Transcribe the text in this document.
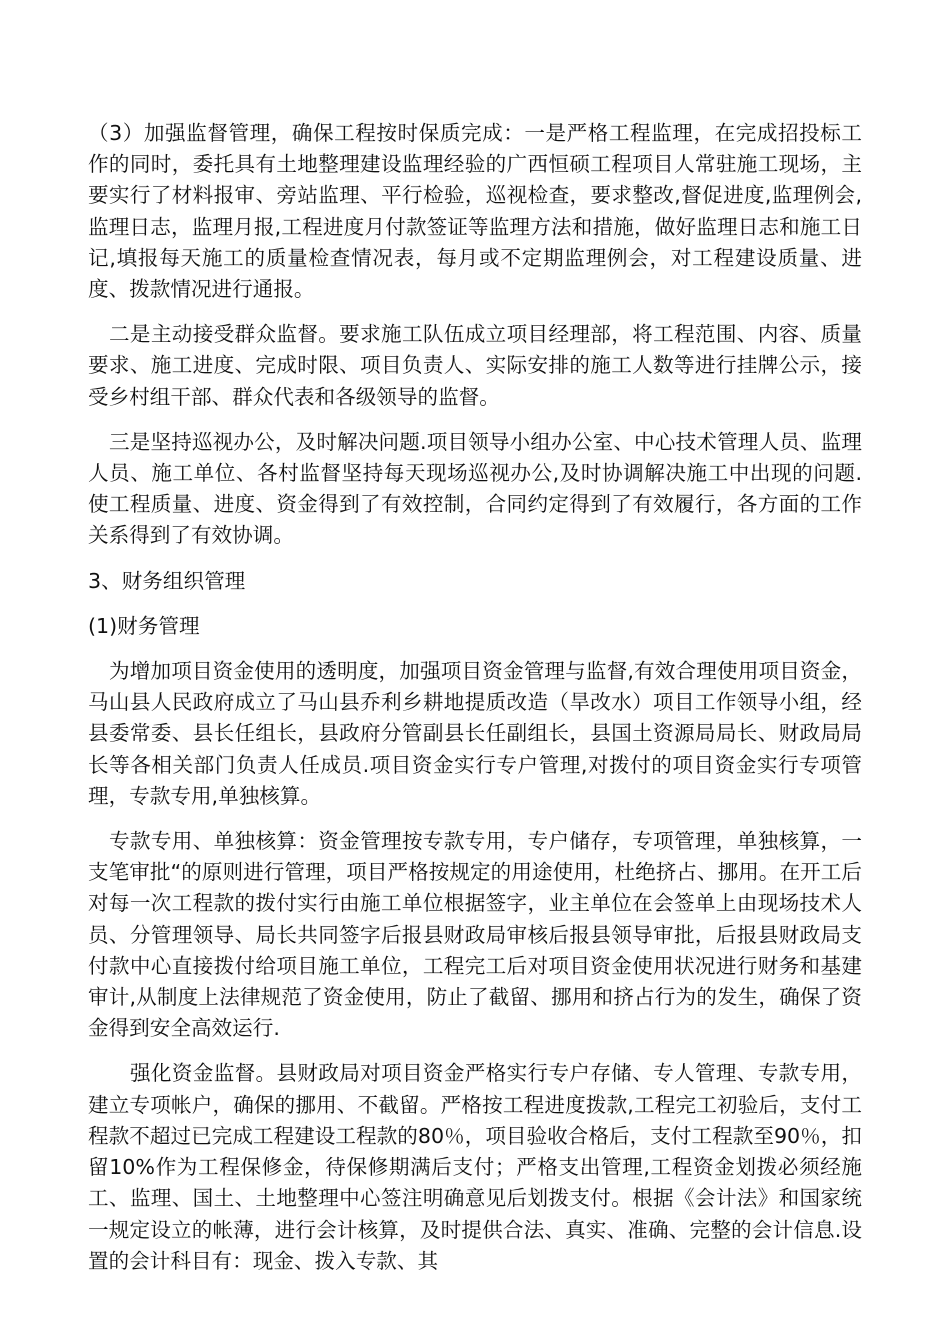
（3）加强监督管理，确保工程按时保质完成：一是严格工程监理，在完成招投标工作的同时，委托具有土地整理建设监理经验的广西恒硕工程项目人常驻施工现场，主要实行了材料报审、旁站监理、平行检验，巡视检查，要求整改,督促进度,监理例会,监理日志，监理月报,工程进度月付款签证等监理方法和措施，做好监理日志和施工日记,填报每天施工的质量检查情况表，每月或不定期监理例会，对工程建设质量、进度、拨款情况进行通报。

二是主动接受群众监督。要求施工队伍成立项目经理部，将工程范围、内容、质量要求、施工进度、完成时限、项目负责人、实际安排的施工人数等进行挂牌公示，接受乡村组干部、群众代表和各级领导的监督。

三是坚持巡视办公，及时解决问题.项目领导小组办公室、中心技术管理人员、监理人员、施工单位、各村监督坚持每天现场巡视办公,及时协调解决施工中出现的问题.使工程质量、进度、资金得到了有效控制，合同约定得到了有效履行，各方面的工作关系得到了有效协调。

3、财务组织管理

(1)财务管理

为增加项目资金使用的透明度，加强项目资金管理与监督,有效合理使用项目资金，马山县人民政府成立了马山县乔利乡耕地提质改造（旱改水）项目工作领导小组，经县委常委、县长任组长，县政府分管副县长任副组长，县国土资源局局长、财政局局长等各相关部门负责人任成员.项目资金实行专户管理,对拨付的项目资金实行专项管理，专款专用,单独核算。

专款专用、单独核算：资金管理按专款专用，专户储存，专项管理，单独核算，一支笔审批“的原则进行管理，项目严格按规定的用途使用，杜绝挤占、挪用。在开工后对每一次工程款的拨付实行由施工单位根据签字，业主单位在会签单上由现场技术人员、分管理领导、局长共同签字后报县财政局审核后报县领导审批，后报县财政局支付款中心直接拨付给项目施工单位，工程完工后对项目资金使用状况进行财务和基建审计,从制度上法律规范了资金使用，防止了截留、挪用和挤占行为的发生，确保了资金得到安全高效运行.

强化资金监督。县财政局对项目资金严格实行专户存储、专人管理、专款专用，建立专项帐户，确保的挪用、不截留。严格按工程进度拨款,工程完工初验后，支付工程款不超过已完成工程建设工程款的80％，项目验收合格后，支付工程款至90％，扣留10%作为工程保修金，待保修期满后支付；严格支出管理,工程资金划拨必须经施工、监理、国土、土地整理中心签注明确意见后划拨支付。根据《会计法》和国家统一规定设立的帐薄，进行会计核算，及时提供合法、真实、准确、完整的会计信息.设置的会计科目有：现金、拨入专款、其
